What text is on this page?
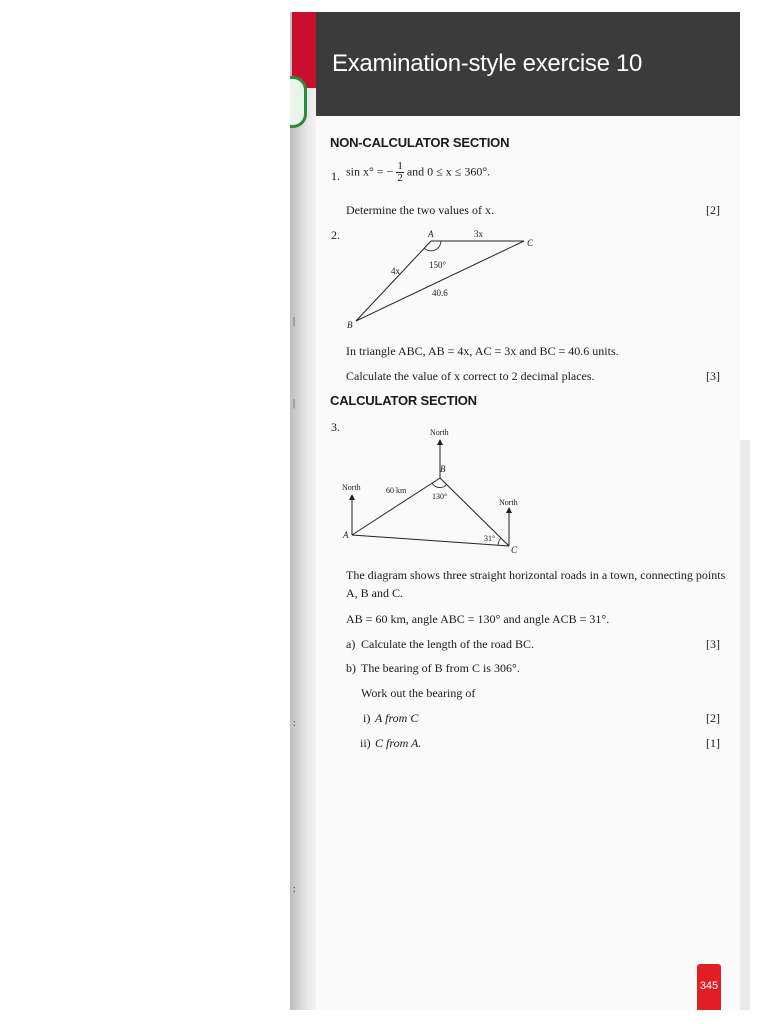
|
|
:
:
Examination-style exercise 10
NON-CALCULATOR SECTION
1. sin x° = − $\frac{1}{2}$ and 0 ≤ x ≤ 360°.
Determine the two values of x.	[2]
2.	A
C
B
3x
4x
40.6
150°
In triangle ABC, AB = 4x, AC = 3x and BC = 40.6 units.
Calculate the value of x correct to 2 decimal places.	[3]
CALCULATOR SECTION
3.	North
North
North
B
A
C
60 km
130°
31°
The diagram shows three straight horizontal roads in a town, connecting points
A, B and C.
AB = 60 km, angle ABC = 130° and angle ACB = 31°.
a) Calculate the length of the road BC.	[3]
b) The bearing of B from C is 306°.
Work out the bearing of
i) A from C	[2]
ii) C from A.	[1]
345
